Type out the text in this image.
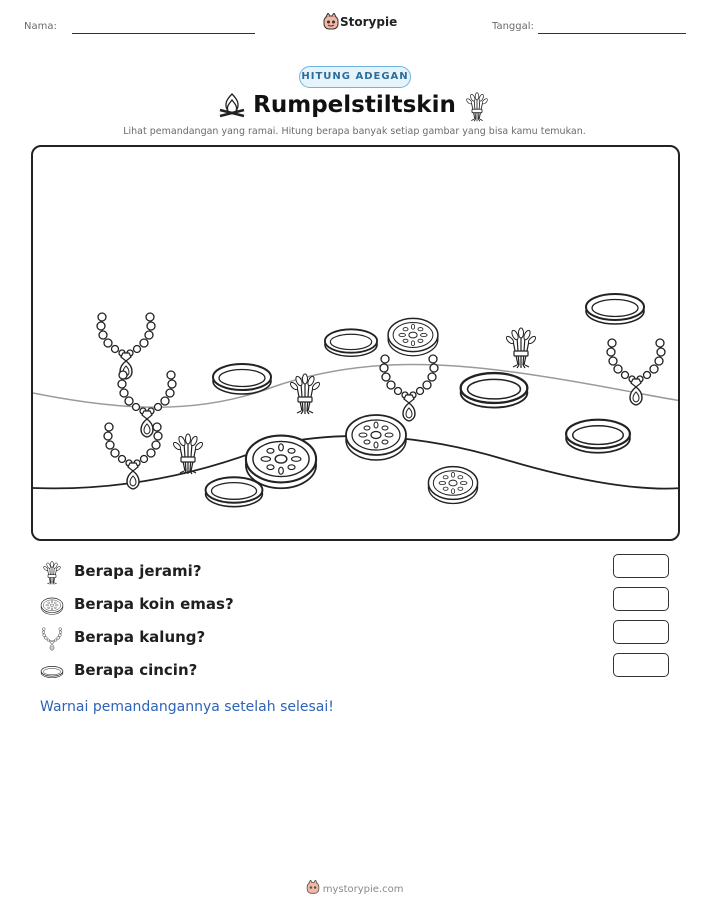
Nama:	Storypie	Tanggal:
HITUNG ADEGAN
Rumpelstiltskin
Lihat pemandangan yang ramai. Hitung berapa banyak setiap gambar yang bisa kamu temukan.
Berapa jerami?
Berapa koin emas?
Berapa kalung?
Berapa cincin?
Warnai pemandangannya setelah selesai!
mystorypie.com
